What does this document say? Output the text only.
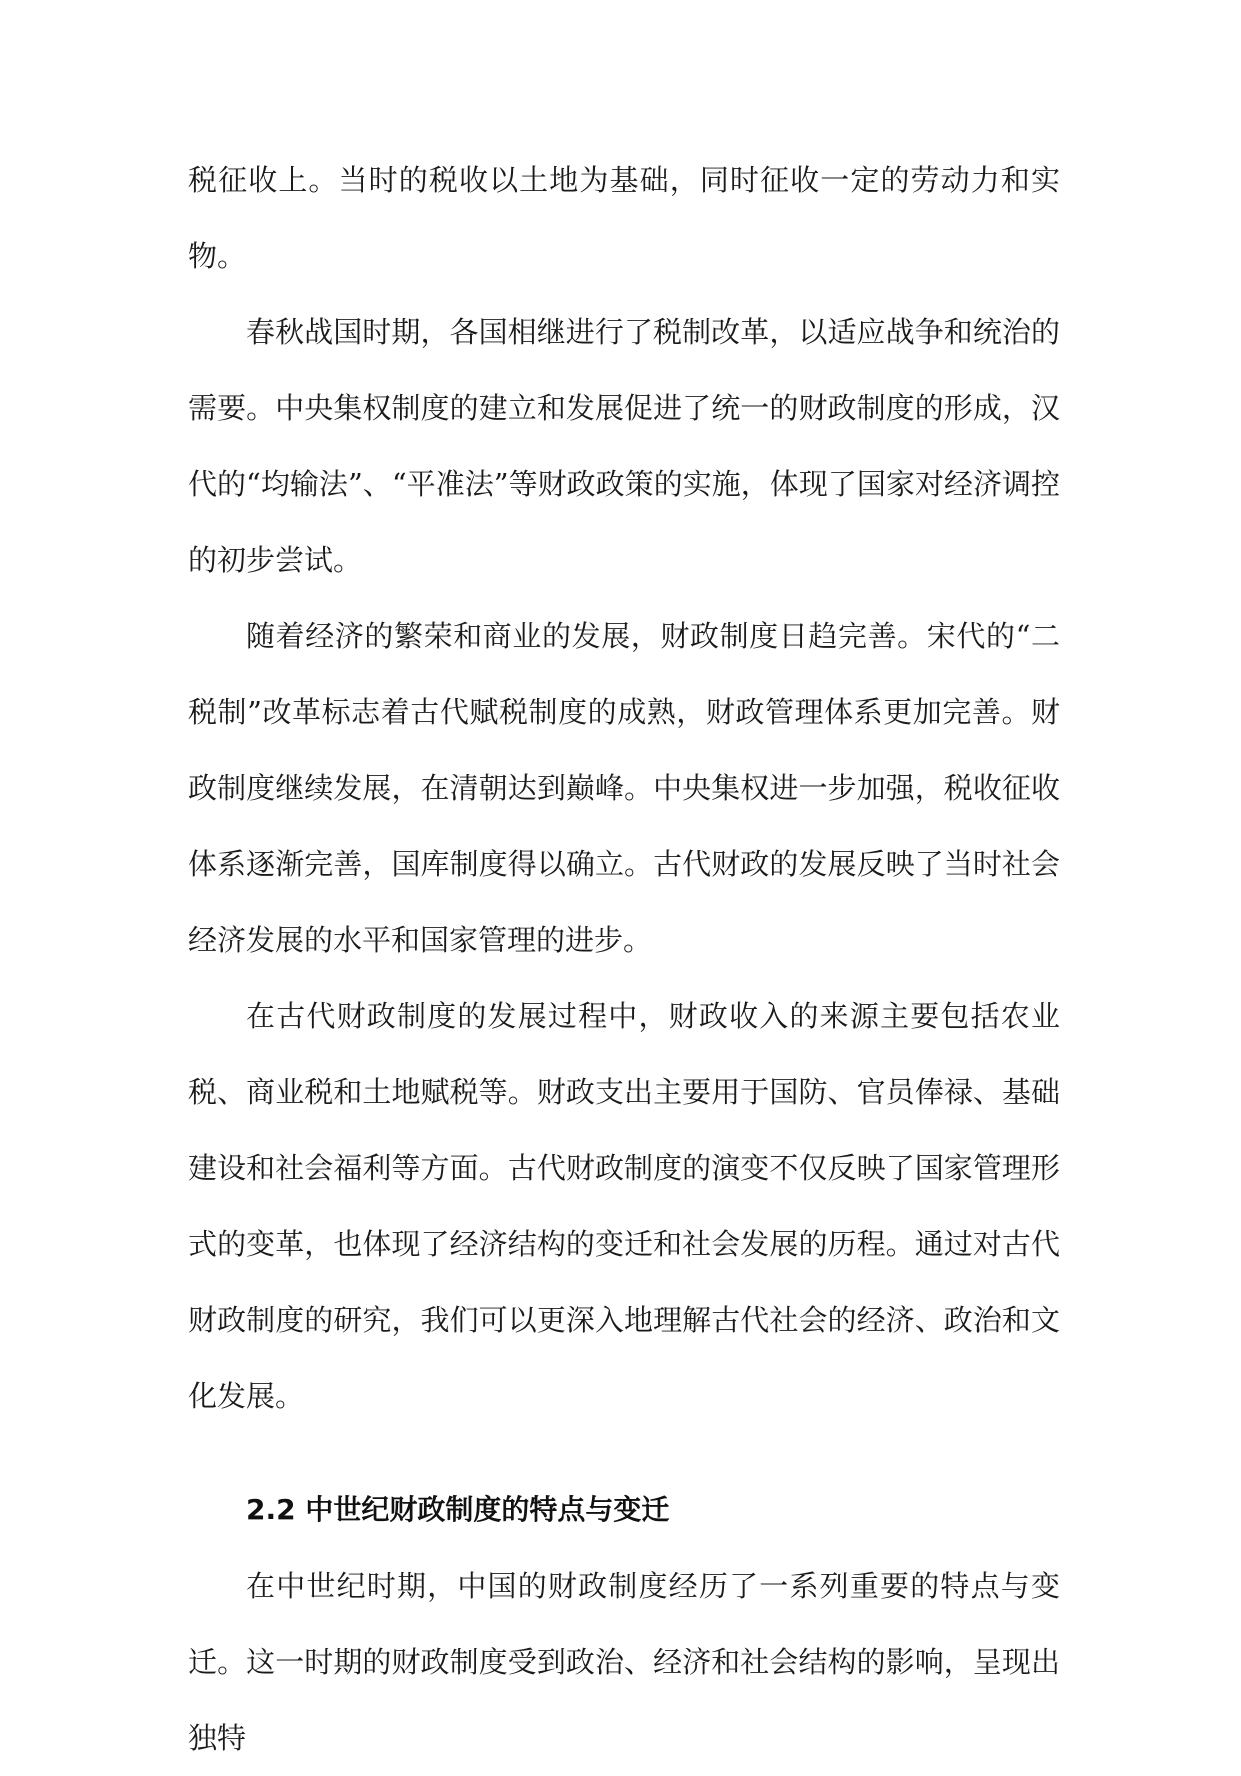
税征收上。当时的税收以土地为基础，同时征收一定的劳动力和实物。

春秋战国时期，各国相继进行了税制改革，以适应战争和统治的需要。中央集权制度的建立和发展促进了统一的财政制度的形成，汉代的“均输法”、“平准法”等财政政策的实施，体现了国家对经济调控的初步尝试。

随着经济的繁荣和商业的发展，财政制度日趋完善。宋代的“二税制”改革标志着古代赋税制度的成熟，财政管理体系更加完善。财政制度继续发展，在清朝达到巅峰。中央集权进一步加强，税收征收体系逐渐完善，国库制度得以确立。古代财政的发展反映了当时社会经济发展的水平和国家管理的进步。

在古代财政制度的发展过程中，财政收入的来源主要包括农业税、商业税和土地赋税等。财政支出主要用于国防、官员俸禄、基础建设和社会福利等方面。古代财政制度的演变不仅反映了国家管理形式的变革，也体现了经济结构的变迁和社会发展的历程。通过对古代财政制度的研究，我们可以更深入地理解古代社会的经济、政治和文化发展。

2.2 中世纪财政制度的特点与变迁

在中世纪时期，中国的财政制度经历了一系列重要的特点与变迁。这一时期的财政制度受到政治、经济和社会结构的影响，呈现出独特
